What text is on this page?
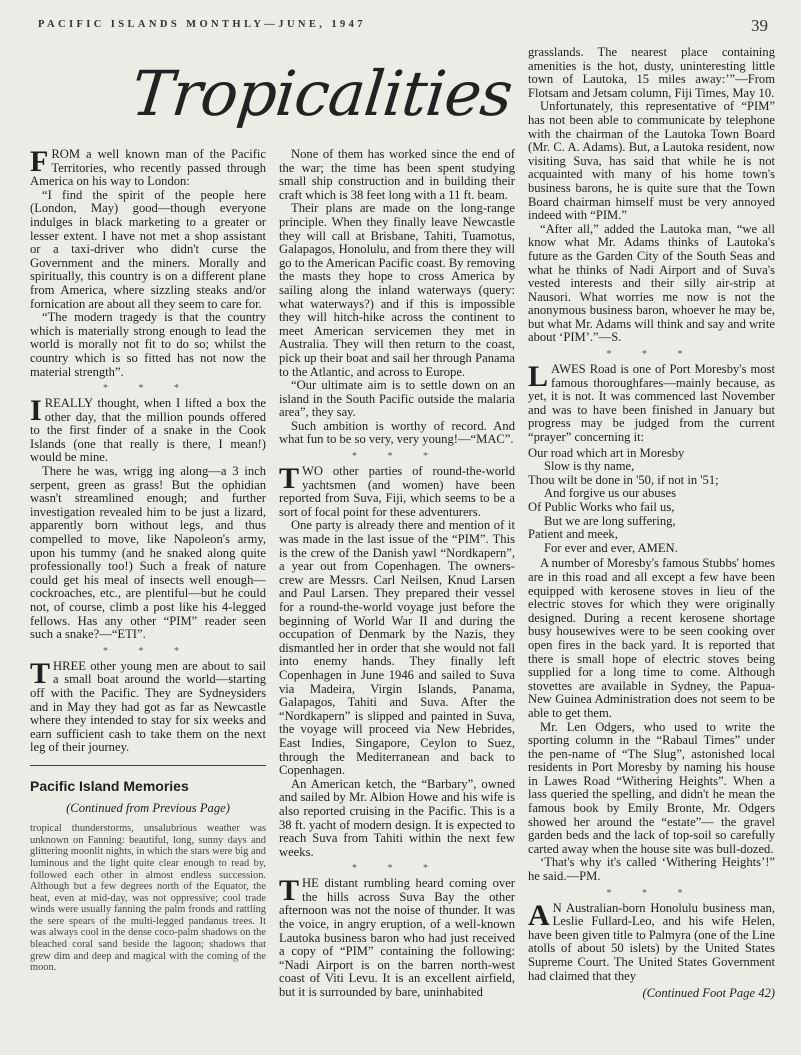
PACIFIC ISLANDS MONTHLY—JUNE, 1947	39
Tropicalities

FROM a well known man of the Pacific Territories, who recently passed through America on his way to London:

“I find the spirit of the people here (London, May) good—though everyone indulges in black marketing to a greater or lesser extent. I have not met a shop assistant or a taxi-driver who didn't curse the Government and the miners. Morally and spiritually, this country is on a different plane from America, where sizzling steaks and/or fornication are about all they seem to care for.

“The modern tragedy is that the country which is materially strong enough to lead the world is morally not fit to do so; whilst the country which is so fitted has not now the material strength”.

* * *

IREALLY thought, when I lifted a box the other day, that the million pounds offered to the first finder of a snake in the Cook Islands (one that really is there, I mean!) would be mine.

There he was, wrigg ing along—a 3 inch serpent, green as grass! But the ophidian wasn't streamlined enough; and further investigation revealed him to be just a lizard, apparently born without legs, and thus compelled to move, like Napoleon's army, upon his tummy (and he snaked along quite professionally too!) Such a freak of nature could get his meal of insects well enough—cockroaches, etc., are plentiful—but he could not, of course, climb a post like his 4-legged fellows. Has any other “PIM” reader seen such a snake?—“ETI”.

* * *

THREE other young men are about to sail a small boat around the world—starting off with the Pacific. They are Sydneysiders and in May they had got as far as Newcastle where they intended to stay for six weeks and earn sufficient cash to take them on the next leg of their journey.

Pacific Island Memories
(Continued from Previous Page)
tropical thunderstorms, unsalubrious weather was unknown on Fanning: beautiful, long, sunny days and glittering moonlit nights, in which the stars were big and luminous and the light quite clear enough to read by, followed each other in almost endless succession. Although but a few degrees north of the Equator, the heat, even at mid-day, was not oppressive; cool trade winds were usually fanning the palm fronds and rattling the sere spears of the multi-legged pandanus trees. It was always cool in the dense coco-palm shadows on the bleached coral sand beside the lagoon; shadows that grew dim and deep and magical with the coming of the moon.

None of them has worked since the end of the war; the time has been spent studying small ship construction and in building their craft which is 38 feet long with a 11 ft. beam.

Their plans are made on the long-range principle. When they finally leave Newcastle they will call at Brisbane, Tahiti, Tuamotus, Galapagos, Honolulu, and from there they will go to the American Pacific coast. By removing the masts they hope to cross America by sailing along the inland waterways (query: what waterways?) and if this is impossible they will hitch-hike across the continent to meet American servicemen they met in Australia. They will then return to the coast, pick up their boat and sail her through Panama to the Atlantic, and across to Europe.

“Our ultimate aim is to settle down on an island in the South Pacific outside the malaria area”, they say.

Such ambition is worthy of record. And what fun to be so very, very young!—“MAC”.

* * *

TWO other parties of round-the-world yachtsmen (and women) have been reported from Suva, Fiji, which seems to be a sort of focal point for these adventurers.

One party is already there and mention of it was made in the last issue of the “PIM”. This is the crew of the Danish yawl “Nordkapern”, a year out from Copenhagen. The owners-crew are Messrs. Carl Neilsen, Knud Larsen and Paul Larsen. They prepared their vessel for a round-the-world voyage just before the beginning of World War II and during the occupation of Denmark by the Nazis, they dismantled her in order that she would not fall into enemy hands. They finally left Copenhagen in June 1946 and sailed to Suva via Madeira, Virgin Islands, Panama, Galapagos, Tahiti and Suva. After the “Nordkapern” is slipped and painted in Suva, the voyage will proceed via New Hebrides, East Indies, Singapore, Ceylon to Suez, through the Mediterranean and back to Copenhagen.

An American ketch, the “Barbary”, owned and sailed by Mr. Albion Howe and his wife is also reported cruising in the Pacific. This is a 38 ft. yacht of modern design. It is expected to reach Suva from Tahiti within the next few weeks.

* * *

THE distant rumbling heard coming over the hills across Suva Bay the other afternoon was not the noise of thunder. It was the voice, in angry eruption, of a well-known Lautoka business baron who had just received a copy of “PIM” containing the following: “Nadi Airport is on the barren north-west coast of Viti Levu. It is an excellent airfield, but it is surrounded by bare, uninhabited

grasslands. The nearest place containing amenities is the hot, dusty, uninteresting little town of Lautoka, 15 miles away:’”—From Flotsam and Jetsam column, Fiji Times, May 10.

Unfortunately, this representative of “PIM” has not been able to communicate by telephone with the chairman of the Lautoka Town Board (Mr. C. A. Adams). But, a Lautoka resident, now visiting Suva, has said that while he is not acquainted with many of his home town's business barons, he is quite sure that the Town Board chairman himself must be very annoyed indeed with “PIM.”

“After all,” added the Lautoka man, “we all know what Mr. Adams thinks of Lautoka's future as the Garden City of the South Seas and what he thinks of Nadi Airport and of Suva's vested interests and their silly air-strip at Nausori. What worries me now is not the anonymous business baron, whoever he may be, but what Mr. Adams will think and say and write about ‘PIM’.”—S.

* * *

LAWES Road is one of Port Moresby's most famous thoroughfares—mainly because, as yet, it is not. It was commenced last November and was to have been finished in January but progress may be judged from the current “prayer” concerning it:

Our road which art in Moresby
Slow is thy name,
Thou wilt be done in '50, if not in '51;
And forgive us our abuses
Of Public Works who fail us,
But we are long suffering,
Patient and meek,
For ever and ever, AMEN.

A number of Moresby's famous Stubbs' homes are in this road and all except a few have been equipped with kerosene stoves in lieu of the electric stoves for which they were originally designed. During a recent kerosene shortage busy housewives were to be seen cooking over open fires in the back yard. It is reported that there is small hope of electric stoves being supplied for a long time to come. Although stovettes are available in Sydney, the Papua-New Guinea Administration does not seem to be able to get them.

Mr. Len Odgers, who used to write the sporting column in the “Rabaul Times” under the pen-name of “The Slug”, astonished local residents in Port Moresby by naming his house in Lawes Road “Withering Heights”. When a lass queried the spelling, and didn't he mean the famous book by Emily Bronte, Mr. Odgers showed her around the “estate”— the gravel garden beds and the lack of top-soil so carefully carted away when the house site was bull-dozed.

‘That's why it's called ‘Withering Heights’!” he said.—PM.

* * *

A N Australian-born Honolulu business man, Leslie Fullard-Leo, and his wife Helen, have been given title to Palmyra (one of the Line atolls of about 50 islets) by the United States Supreme Court. The United States Government had claimed that they

(Continued Foot Page 42)
